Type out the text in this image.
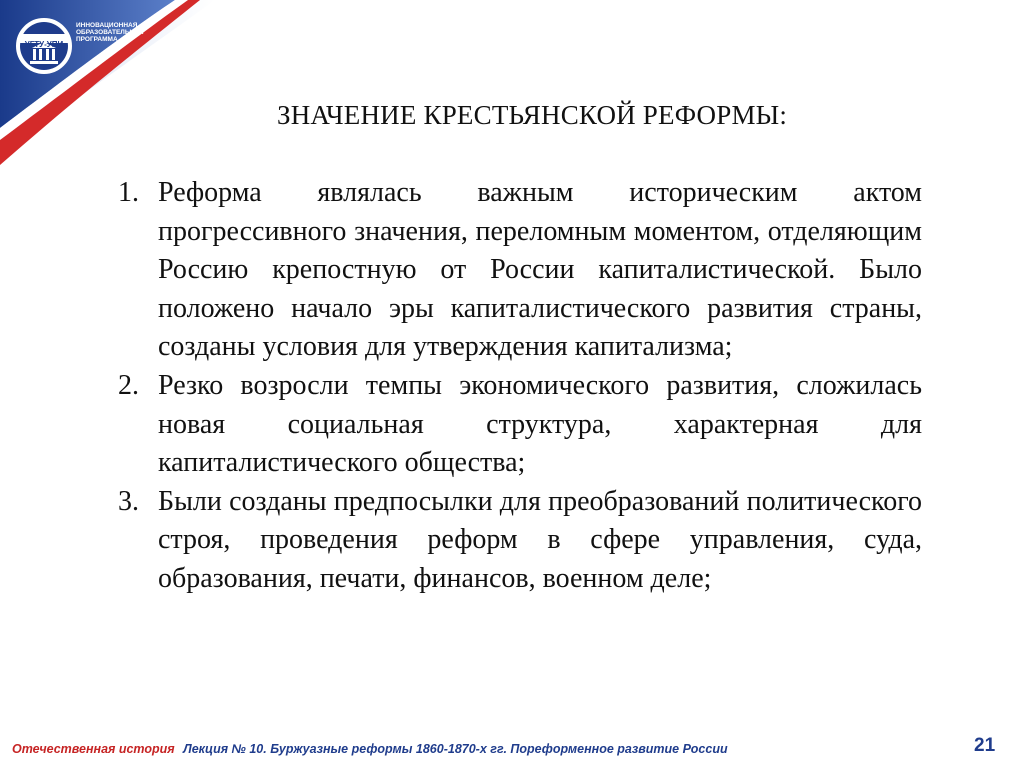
ИННОВАЦИОННАЯ
ОБРАЗОВАТЕЛЬНАЯ
ПРОГРАММА
УГТУ-УПИ
ЗНАЧЕНИЕ КРЕСТЬЯНСКОЙ РЕФОРМЫ:
1. Реформа являлась важным историческим актом прогрессивного значения, переломным моментом, отделяющим Россию крепостную от России капиталистической. Было положено начало эры капиталистического развития страны, созданы условия для утверждения капитализма;
2. Резко возросли темпы экономического развития, сложилась новая социальная структура, характерная для капиталистического общества;
3. Были созданы предпосылки для преобразований политического строя, проведения реформ в сфере управления, суда, образования, печати, финансов, военном деле;
Отечественная история Лекция № 10. Буржуазные реформы 1860-1870-х гг. Пореформенное развитие России	21
